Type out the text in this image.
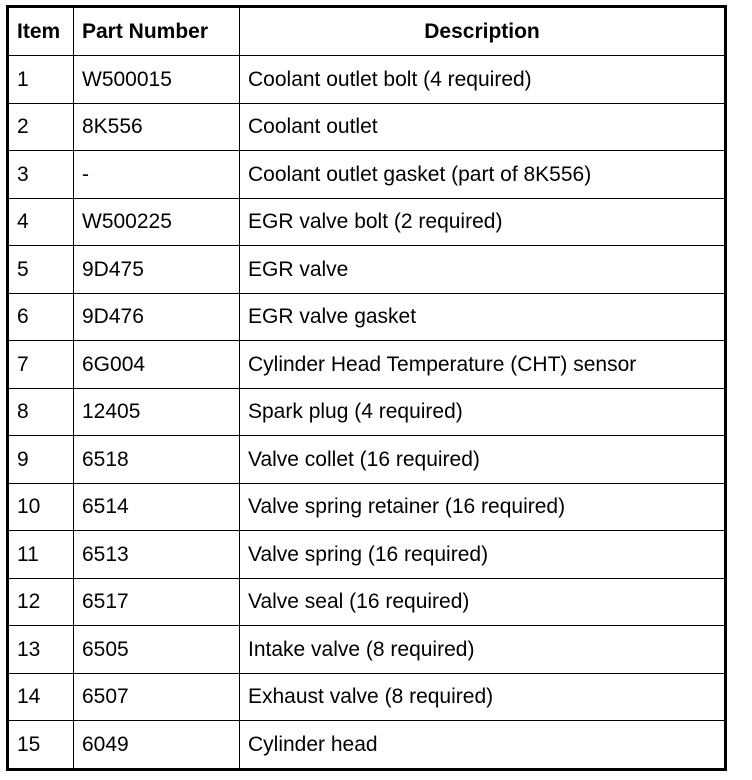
Item	Part Number	Description
1	W500015	Coolant outlet bolt (4 required)
2	8K556	Coolant outlet
3	-	Coolant outlet gasket (part of 8K556)
4	W500225	EGR valve bolt (2 required)
5	9D475	EGR valve
6	9D476	EGR valve gasket
7	6G004	Cylinder Head Temperature (CHT) sensor
8	12405	Spark plug (4 required)
9	6518	Valve collet (16 required)
10	6514	Valve spring retainer (16 required)
11	6513	Valve spring (16 required)
12	6517	Valve seal (16 required)
13	6505	Intake valve (8 required)
14	6507	Exhaust valve (8 required)
15	6049	Cylinder head
